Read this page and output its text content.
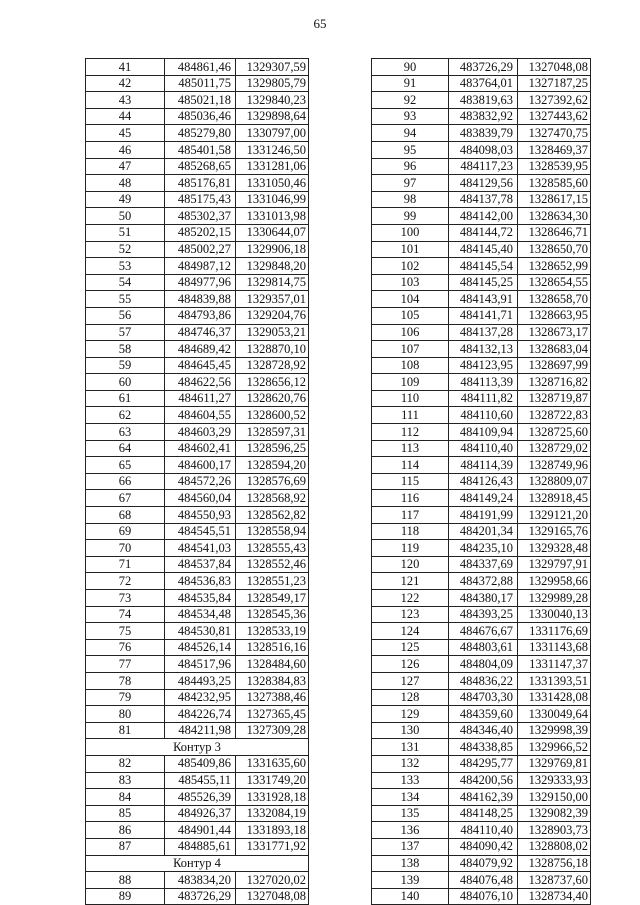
65
41	484861,46	1329307,59
42	485011,75	1329805,79
43	485021,18	1329840,23
44	485036,46	1329898,64
45	485279,80	1330797,00
46	485401,58	1331246,50
47	485268,65	1331281,06
48	485176,81	1331050,46
49	485175,43	1331046,99
50	485302,37	1331013,98
51	485202,15	1330644,07
52	485002,27	1329906,18
53	484987,12	1329848,20
54	484977,96	1329814,75
55	484839,88	1329357,01
56	484793,86	1329204,76
57	484746,37	1329053,21
58	484689,42	1328870,10
59	484645,45	1328728,92
60	484622,56	1328656,12
61	484611,27	1328620,76
62	484604,55	1328600,52
63	484603,29	1328597,31
64	484602,41	1328596,25
65	484600,17	1328594,20
66	484572,26	1328576,69
67	484560,04	1328568,92
68	484550,93	1328562,82
69	484545,51	1328558,94
70	484541,03	1328555,43
71	484537,84	1328552,46
72	484536,83	1328551,23
73	484535,84	1328549,17
74	484534,48	1328545,36
75	484530,81	1328533,19
76	484526,14	1328516,16
77	484517,96	1328484,60
78	484493,25	1328384,83
79	484232,95	1327388,46
80	484226,74	1327365,45
81	484211,98	1327309,28
Контур 3		
82	485409,86	1331635,60
83	485455,11	1331749,20
84	485526,39	1331928,18
85	484926,37	1332084,19
86	484901,44	1331893,18
87	484885,61	1331771,92
Контур 4		
88	483834,20	1327020,02
89	483726,29	1327048,08
90	483726,29	1327048,08
91	483764,01	1327187,25
92	483819,63	1327392,62
93	483832,92	1327443,62
94	483839,79	1327470,75
95	484098,03	1328469,37
96	484117,23	1328539,95
97	484129,56	1328585,60
98	484137,78	1328617,15
99	484142,00	1328634,30
100	484144,72	1328646,71
101	484145,40	1328650,70
102	484145,54	1328652,99
103	484145,25	1328654,55
104	484143,91	1328658,70
105	484141,71	1328663,95
106	484137,28	1328673,17
107	484132,13	1328683,04
108	484123,95	1328697,99
109	484113,39	1328716,82
110	484111,82	1328719,87
111	484110,60	1328722,83
112	484109,94	1328725,60
113	484110,40	1328729,02
114	484114,39	1328749,96
115	484126,43	1328809,07
116	484149,24	1328918,45
117	484191,99	1329121,20
118	484201,34	1329165,76
119	484235,10	1329328,48
120	484337,69	1329797,91
121	484372,88	1329958,66
122	484380,17	1329989,28
123	484393,25	1330040,13
124	484676,67	1331176,69
125	484803,61	1331143,68
126	484804,09	1331147,37
127	484836,22	1331393,51
128	484703,30	1331428,08
129	484359,60	1330049,64
130	484346,40	1329998,39
131	484338,85	1329966,52
132	484295,77	1329769,81
133	484200,56	1329333,93
134	484162,39	1329150,00
135	484148,25	1329082,39
136	484110,40	1328903,73
137	484090,42	1328808,02
138	484079,92	1328756,18
139	484076,48	1328737,60
140	484076,10	1328734,40
